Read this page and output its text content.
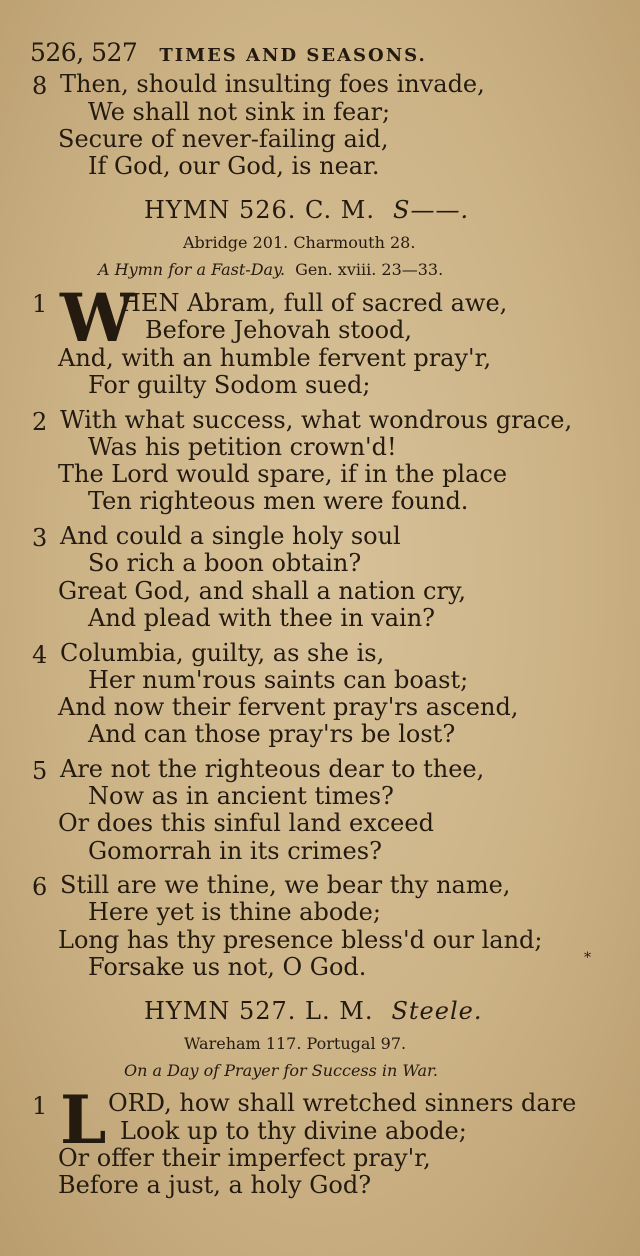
526, 527 TIMES AND SEASONS.
8 Then, should insulting foes invade,
We shall not sink in fear;
Secure of never-failing aid,
If God, our God, is near.
HYMN 526. C. M. S——.
Abridge 201. Charmouth 28.
A Hymn for a Fast-Day. Gen. xviii. 23—33.
1 W
HEN Abram, full of sacred awe,
Before Jehovah stood,
And, with an humble fervent pray'r,
For guilty Sodom sued;
2 With what success, what wondrous grace,
Was his petition crown'd!
The Lord would spare, if in the place
Ten righteous men were found.
3 And could a single holy soul
So rich a boon obtain?
Great God, and shall a nation cry,
And plead with thee in vain?
4 Columbia, guilty, as she is,
Her num'rous saints can boast;
And now their fervent pray'rs ascend,
And can those pray'rs be lost?
5 Are not the righteous dear to thee,
Now as in ancient times?
Or does this sinful land exceed
Gomorrah in its crimes?
6 Still are we thine, we bear thy name,
Here yet is thine abode;
Long has thy presence bless'd our land;
Forsake us not, O God.	*
HYMN 527. L. M. Steele.
Wareham 117. Portugal 97.
On a Day of Prayer for Success in War.
1 L ORD, how shall wretched sinners dare
Look up to thy divine abode;
Or offer their imperfect pray'r,
Before a just, a holy God?
